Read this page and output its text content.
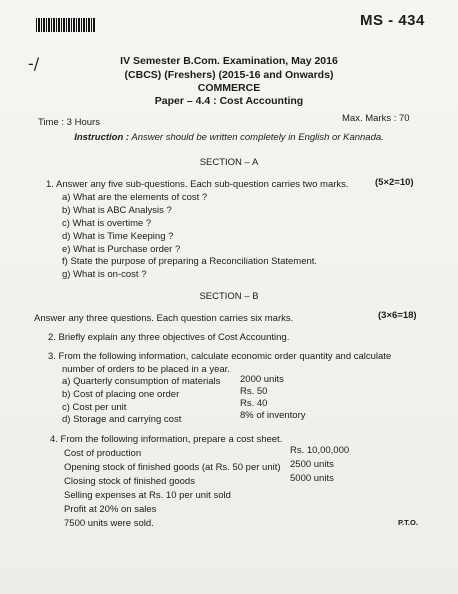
MS - 434
-/	IV Semester B.Com. Examination, May 2016
(CBCS) (Freshers) (2015-16 and Onwards)
COMMERCE
Paper – 4.4 : Cost Accounting
Time : 3 Hours	Max. Marks : 70
Instruction : Answer should be written completely in English or Kannada.
SECTION – A
1. Answer any five sub-questions. Each sub-question carries two marks.	(5×2=10)
a) What are the elements of cost ?
b) What is ABC Analysis ?
c) What is overtime ?
d) What is Time Keeping ?
e) What is Purchase order ?
f) State the purpose of preparing a Reconciliation Statement.
g) What is on-cost ?
SECTION – B
Answer any three questions. Each question carries six marks.	(3×6=18)
2. Briefly explain any three objectives of Cost Accounting.
3. From the following information, calculate economic order quantity and calculate
number of orders to be placed in a year.
a) Quarterly consumption of materials 2000 units
b) Cost of placing one order	Rs. 50
c) Cost per unit	Rs. 40
d) Storage and carrying cost	8% of inventory
4. From the following information, prepare a cost sheet.
Cost of production	Rs. 10,00,000
Opening stock of finished goods (at Rs. 50 per unit) 2500 units
Closing stock of finished goods	5000 units
Selling expenses at Rs. 10 per unit sold
Profit at 20% on sales
7500 units were sold.	P.T.O.
